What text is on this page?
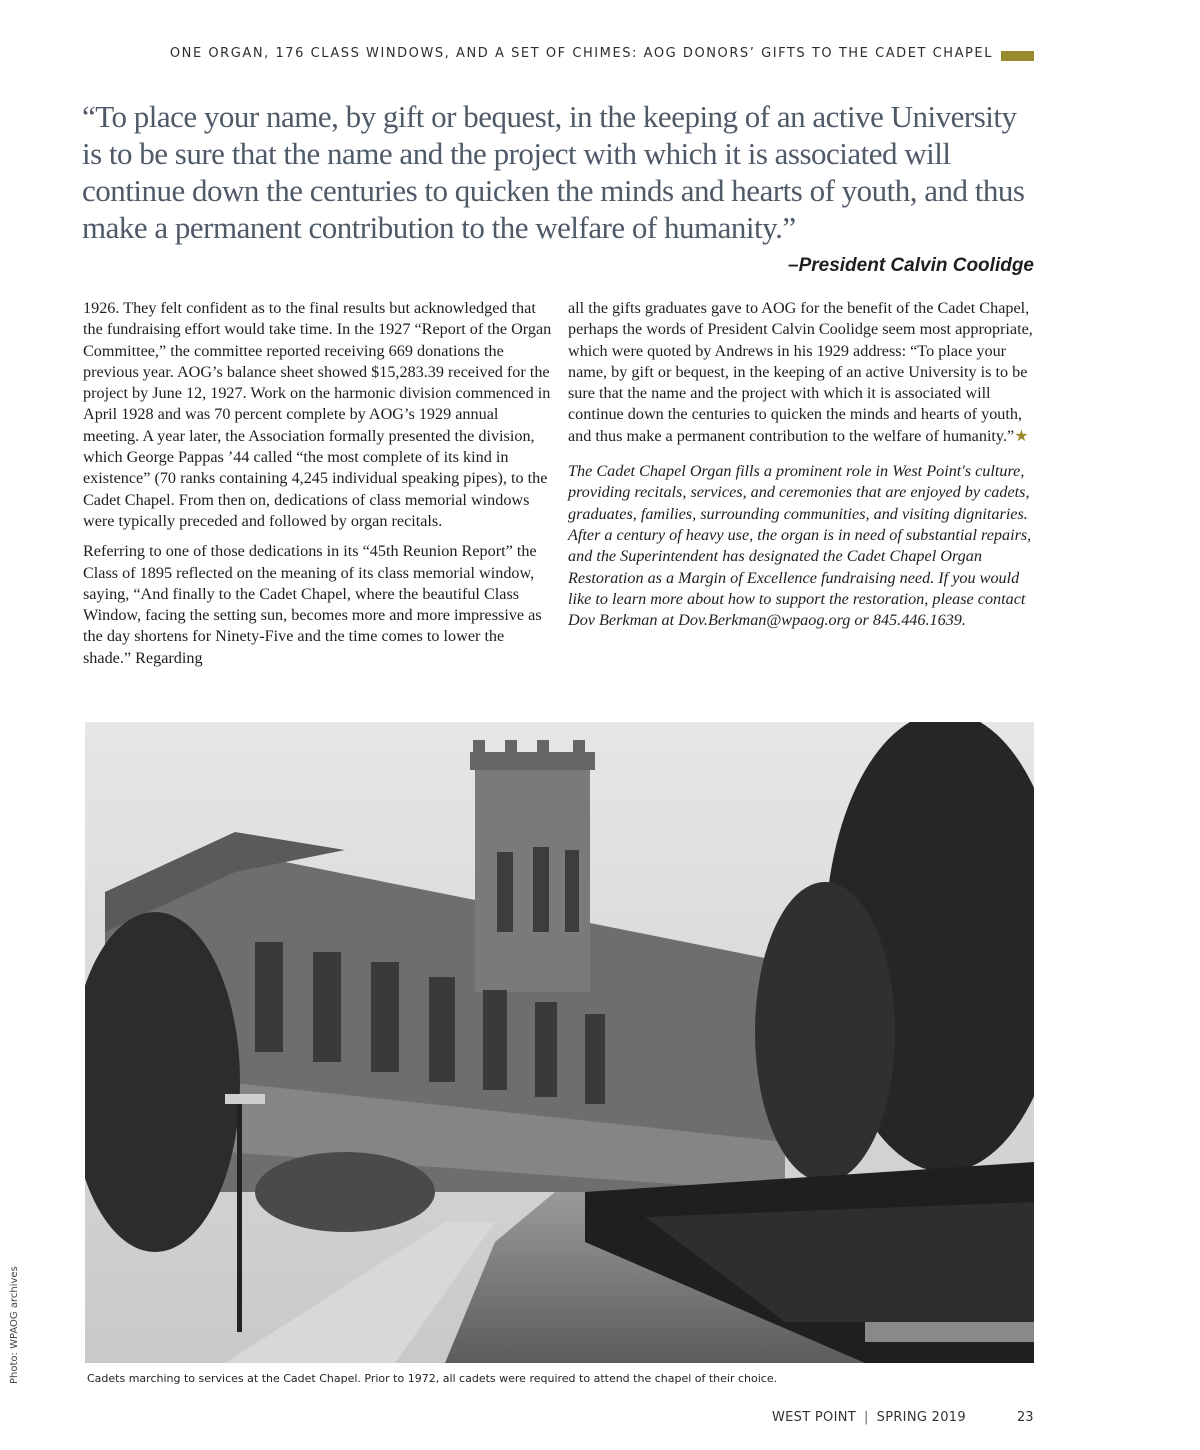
ONE ORGAN, 176 CLASS WINDOWS, AND A SET OF CHIMES: AOG DONORS’ GIFTS TO THE CADET CHAPEL
“To place your name, by gift or bequest, in the keeping of an active University is to be sure that the name and the project with which it is associated will continue down the centuries to quicken the minds and hearts of youth, and thus make a permanent contribution to the welfare of humanity.”
–President Calvin Coolidge

1926. They felt confident as to the final results but acknowledged that the fundraising effort would take time. In the 1927 “Report of the Organ Committee,” the committee reported receiving 669 donations the previous year. AOG’s balance sheet showed $15,283.39 received for the project by June 12, 1927. Work on the harmonic division commenced in April 1928 and was 70 percent complete by AOG’s 1929 annual meeting. A year later, the Association formally presented the division, which George Pappas ’44 called “the most complete of its kind in existence” (70 ranks containing 4,245 individual speaking pipes), to the Cadet Chapel. From then on, dedications of class memorial windows were typically preceded and followed by organ recitals.

Referring to one of those dedications in its “45th Reunion Report” the Class of 1895 reflected on the meaning of its class memorial window, saying, “And finally to the Cadet Chapel, where the beautiful Class Window, facing the setting sun, becomes more and more impressive as the day shortens for Ninety-Five and the time comes to lower the shade.” Regarding

all the gifts graduates gave to AOG for the benefit of the Cadet Chapel, perhaps the words of President Calvin Coolidge seem most appropriate, which were quoted by Andrews in his 1929 address: “To place your name, by gift or bequest, in the keeping of an active University is to be sure that the name and the project with which it is associated will continue down the centuries to quicken the minds and hearts of youth, and thus make a permanent contribution to the welfare of humanity.”★

The Cadet Chapel Organ fills a prominent role in West Point's culture, providing recitals, services, and ceremonies that are enjoyed by cadets, graduates, families, surrounding communities, and visiting dignitaries. After a century of heavy use, the organ is in need of substantial repairs, and the Superintendent has designated the Cadet Chapel Organ Restoration as a Margin of Excellence fundraising need. If you would like to learn more about how to support the restoration, please contact Dov Berkman at Dov.Berkman@wpaog.org or 845.446.1639.

Cadets marching to services at the Cadet Chapel. Prior to 1972, all cadets were required to attend the chapel of their choice.
Photo: WPAOG archives
WEST POINT | SPRING 2019	23
